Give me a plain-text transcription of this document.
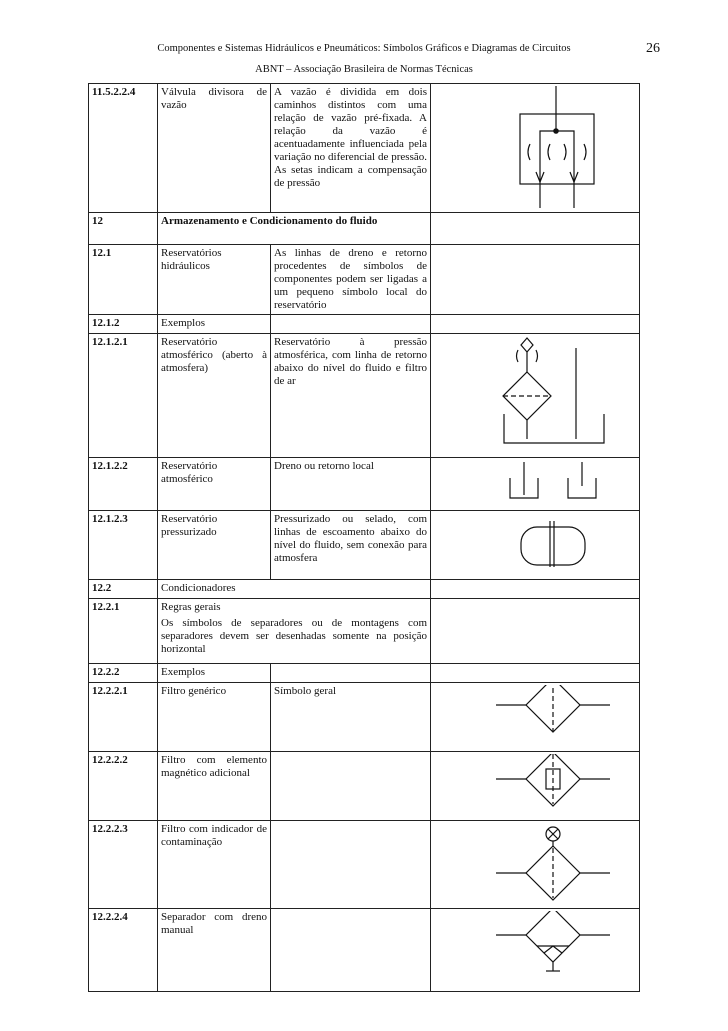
Componentes e Sistemas Hidráulicos e Pneumáticos: Símbolos Gráficos e Diagramas de Circuitos
ABNT – Associação Brasileira de Normas Técnicas
26
11.5.2.2.4	Válvula divisora de vazão	A vazão é dividida em dois caminhos distintos com uma relação de vazão pré-fixada. A relação da vazão é acentuadamente influenciada pela variação no diferencial de pressão. As setas indicam a compensação de pressão	

12	Armazenamento e Condicionamento do fluido		
12.1	Reservatórios hidráulicos	As linhas de dreno e retorno procedentes de símbolos de componentes podem ser ligadas a um pequeno símbolo local do reservatório	
12.1.2	Exemplos		
12.1.2.1	Reservatório atmosférico (aberto à atmosfera)	Reservatório à pressão atmosférica, com linha de retorno abaixo do nível do fluido e filtro de ar	

12.1.2.2	Reservatório atmosférico	Dreno ou retorno local	

12.1.2.3	Reservatório pressurizado	Pressurizado ou selado, com linhas de escoamento abaixo do nível do fluido, sem conexão para atmosfera	

12.2	Condicionadores		
12.2.1	Regras gerais
Os símbolos de separadores ou de montagens com separadores devem ser desenhadas somente na posição horizontal		

12.2.2	Exemplos		
12.2.2.1	Filtro genérico	Símbolo geral	

12.2.2.2	Filtro com elemento magnético adicional		

12.2.2.3	Filtro com indicador de contaminação		

12.2.2.4	Separador com dreno manual		
